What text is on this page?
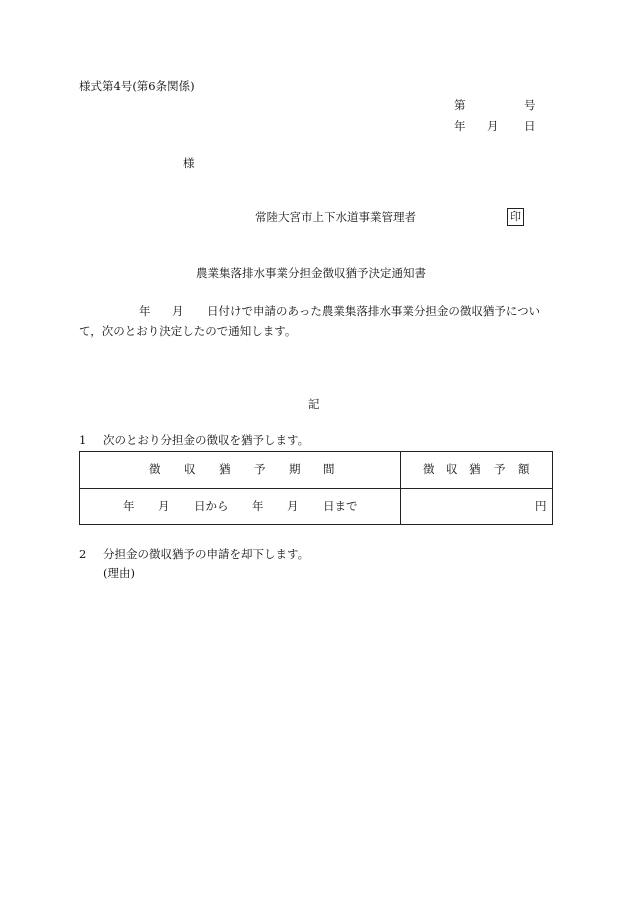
様式第4号(第6条関係)
第	号
年 月 日
様
常陸大宮市上下水道事業管理者	印
農業集落排水事業分担金徴収猶予決定通知書
年 月 日付けで申請のあった農業集落排水事業分担金の徴収猶予につい
て，次のとおり決定したので通知します。
記
1 次のとおり分担金の徴収を猶予します。
徴 収 猶 予 期 間	徴 収 猶 予 額
年 月 日から 年 月 日まで	円
2 分担金の徴収猶予の申請を却下します。
(理由)
